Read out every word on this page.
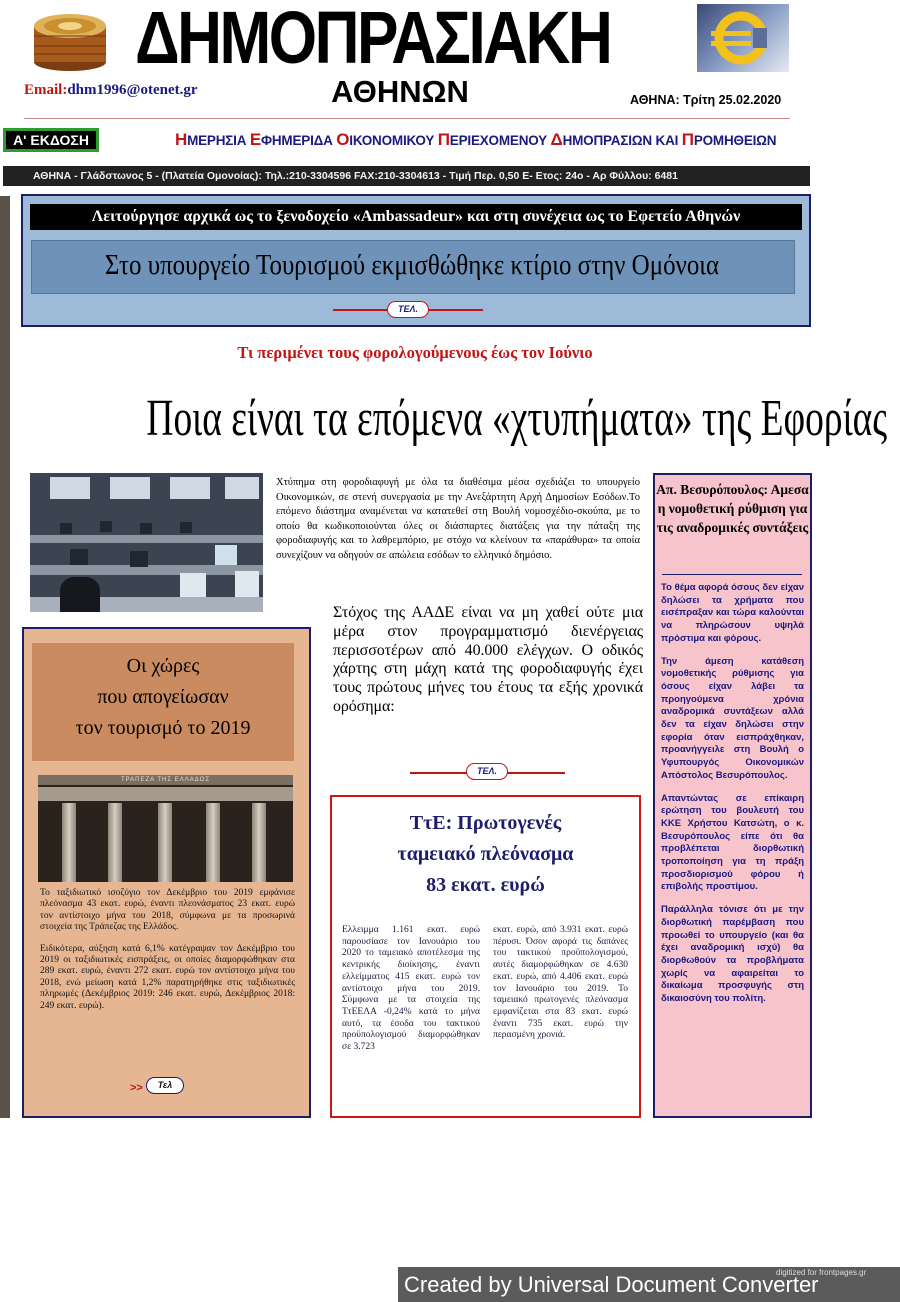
ΔΗΜΟΠΡΑΣΙΑΚΗ
ΑΘΗΝΩΝ
Email:dhm1996@otenet.gr
ΑΘΗΝΑ: Τρίτη 25.02.2020
Α' ΕΚΔΟΣΗ	ΗΜΕΡΗΣΙΑ ΕΦΗΜΕΡΙΔΑ ΟΙΚΟΝΟΜΙΚΟΥ ΠΕΡΙΕΧΟΜΕΝΟΥ ΔΗΜΟΠΡΑΣΙΩΝ ΚΑΙ ΠΡΟΜΗΘΕΙΩΝ
ΑΘΗΝΑ - Γλάδστωνος 5 - (Πλατεία Ομονοίας): Τηλ.:210-3304596 FAX:210-3304613 - Τιμή Περ. 0,50 Ε- Ετος: 24ο - Αρ Φύλλου: 6481
Λειτούργησε αρχικά ως το ξενοδοχείο «Ambassadeur» και στη συνέχεια ως το Εφετείο Αθηνών
Στο υπουργείο Τουρισμού εκμισθώθηκε κτίριο στην Ομόνοια
ΤΕΛ.
Τι περιμένει τους φορολογούμενους έως τον Ιούνιο
Ποια είναι τα επόμενα «χτυπήματα» της Εφορίας
Χτύπημα στη φοροδιαφυγή με όλα τα διαθέσιμα μέσα σχεδιάζει το υπουργείο Οικονομικών, σε στενή συνεργασία με την Ανεξάρτητη Αρχή Δημοσίων Εσόδων.Το επόμενο διάστημα αναμένεται να κατατεθεί στη Βουλή νομοσχέδιο-σκούπα, με το οποίο θα κωδικοποιούνται όλες οι διάσπαρτες διατάξεις για την πάταξη της φοροδιαφυγής και το λαθρεμπόριο, με στόχο να κλείνουν τα «παράθυρα» τα οποία συνεχίζουν να οδηγούν σε απώλεια εσόδων το ελληνικό δημόσιο.
Στόχος της ΑΑΔΕ είναι να μη χαθεί ούτε μια μέρα στον προγραμματισμό διενέργειας περισσοτέρων από 40.000 ελέγχων. Ο οδικός χάρτης στη μάχη κατά της φοροδιαφυγής έχει τους πρώτους μήνες του έτους τα εξής χρονικά ορόσημα:
ΤΕΛ.
Απ. Βεσυρόπουλος: Αμεσα η νομοθετική ρύθμιση για τις αναδρομικές συντάξεις

Το θέμα αφορά όσους δεν είχαν δηλώσει τα χρήματα που εισέπραξαν και τώρα καλούνται να πληρώσουν υψηλά πρόστιμα και φόρους.

Την άμεση κατάθεση νομοθετικής ρύθμισης για όσους είχαν λάβει τα προηγούμενα χρόνια αναδρομικά συντάξεων αλλά δεν τα είχαν δηλώσει στην εφορία όταν εισπράχθηκαν, προανήγγειλε στη Βουλή ο Υφυπουργός Οικονομικών Απόστολος Βεσυρόπουλος.

Απαντώντας σε επίκαιρη ερώτηση του βουλευτή του ΚΚΕ Χρήστου Κατσώτη, ο κ. Βεσυρόπουλος είπε ότι θα προβλέπεται διορθωτική τροποποίηση για τη πράξη προσδιορισμού φόρου ή επιβολής προστίμου.

Παράλληλα τόνισε ότι με την διορθωτική παρέμβαση που προωθεί το υπουργείο (και θα έχει αναδρομική ισχύ) θα διορθωθούν τα προβλήματα χωρίς να αφαιρείται το δικαίωμα προσφυγής στη δικαιοσύνη του πολίτη.

Οι χώρες
που απογείωσαν
τον τουρισμό το 2019
ΤΡΑΠΕΖΑ ΤΗΣ ΕΛΛΑΔΟΣ

Το ταξιδιωτικό ισοζύγιο τον Δεκέμβριο του 2019 εμφάνισε πλεόνασμα 43 εκατ. ευρώ, έναντι πλεονάσματος 23 εκατ. ευρώ τον αντίστοιχο μήνα του 2018, σύμφωνα με τα προσωρινά στοιχεία της Τράπεζας της Ελλάδος.

Ειδικότερα, αύξηση κατά 6,1% κατέγραψαν τον Δεκέμβριο του 2019 οι ταξιδιωτικές εισπράξεις, οι οποίες διαμορφώθηκαν στα 289 εκατ. ευρώ, έναντι 272 εκατ. ευρώ τον αντίστοιχο μήνα του 2018, ενώ μείωση κατά 1,2% παρατηρήθηκε στις ταξιδιωτικές πληρωμές (Δεκέμβριος 2019: 246 εκατ. ευρώ, Δεκέμβριος 2018: 249 εκατ. ευρώ).

>>	Τελ
ΤτΕ: Πρωτογενές
ταμειακό πλεόνασμα
83 εκατ. ευρώ
Ελλειμμα 1.161 εκατ. ευρώ παρουσίασε τον Ιανουάριο του 2020 το ταμειακό αποτέλεσμα της κεντρικής διοίκησης, έναντι ελλείμματος 415 εκατ. ευρώ τον αντίστοιχο μήνα του 2019. Σύμφωνα με τα στοιχεία της ΤτΕΕΛΑ -0,24% κατά το μήνα αυτό, τα έσοδα του τακτικού προϋπολογισμού διαμορφώθηκαν σε 3.723
εκατ. ευρώ, από 3.931 εκατ. ευρώ πέρυσι. Όσον αφορά τις δαπάνες του τακτικού προϋπολογισμού, αυτές διαμορφώθηκαν σε 4.630 εκατ. ευρώ, από 4.406 εκατ. ευρώ τον Ιανουάριο του 2019. Το ταμειακό πρωτογενές πλεόνασμα εμφανίζεται στα 83 εκατ. ευρώ έναντι 735 εκατ. ευρώ την περασμένη χρονιά.
Created by Universal Document Converter
digitized for frontpages.gr
